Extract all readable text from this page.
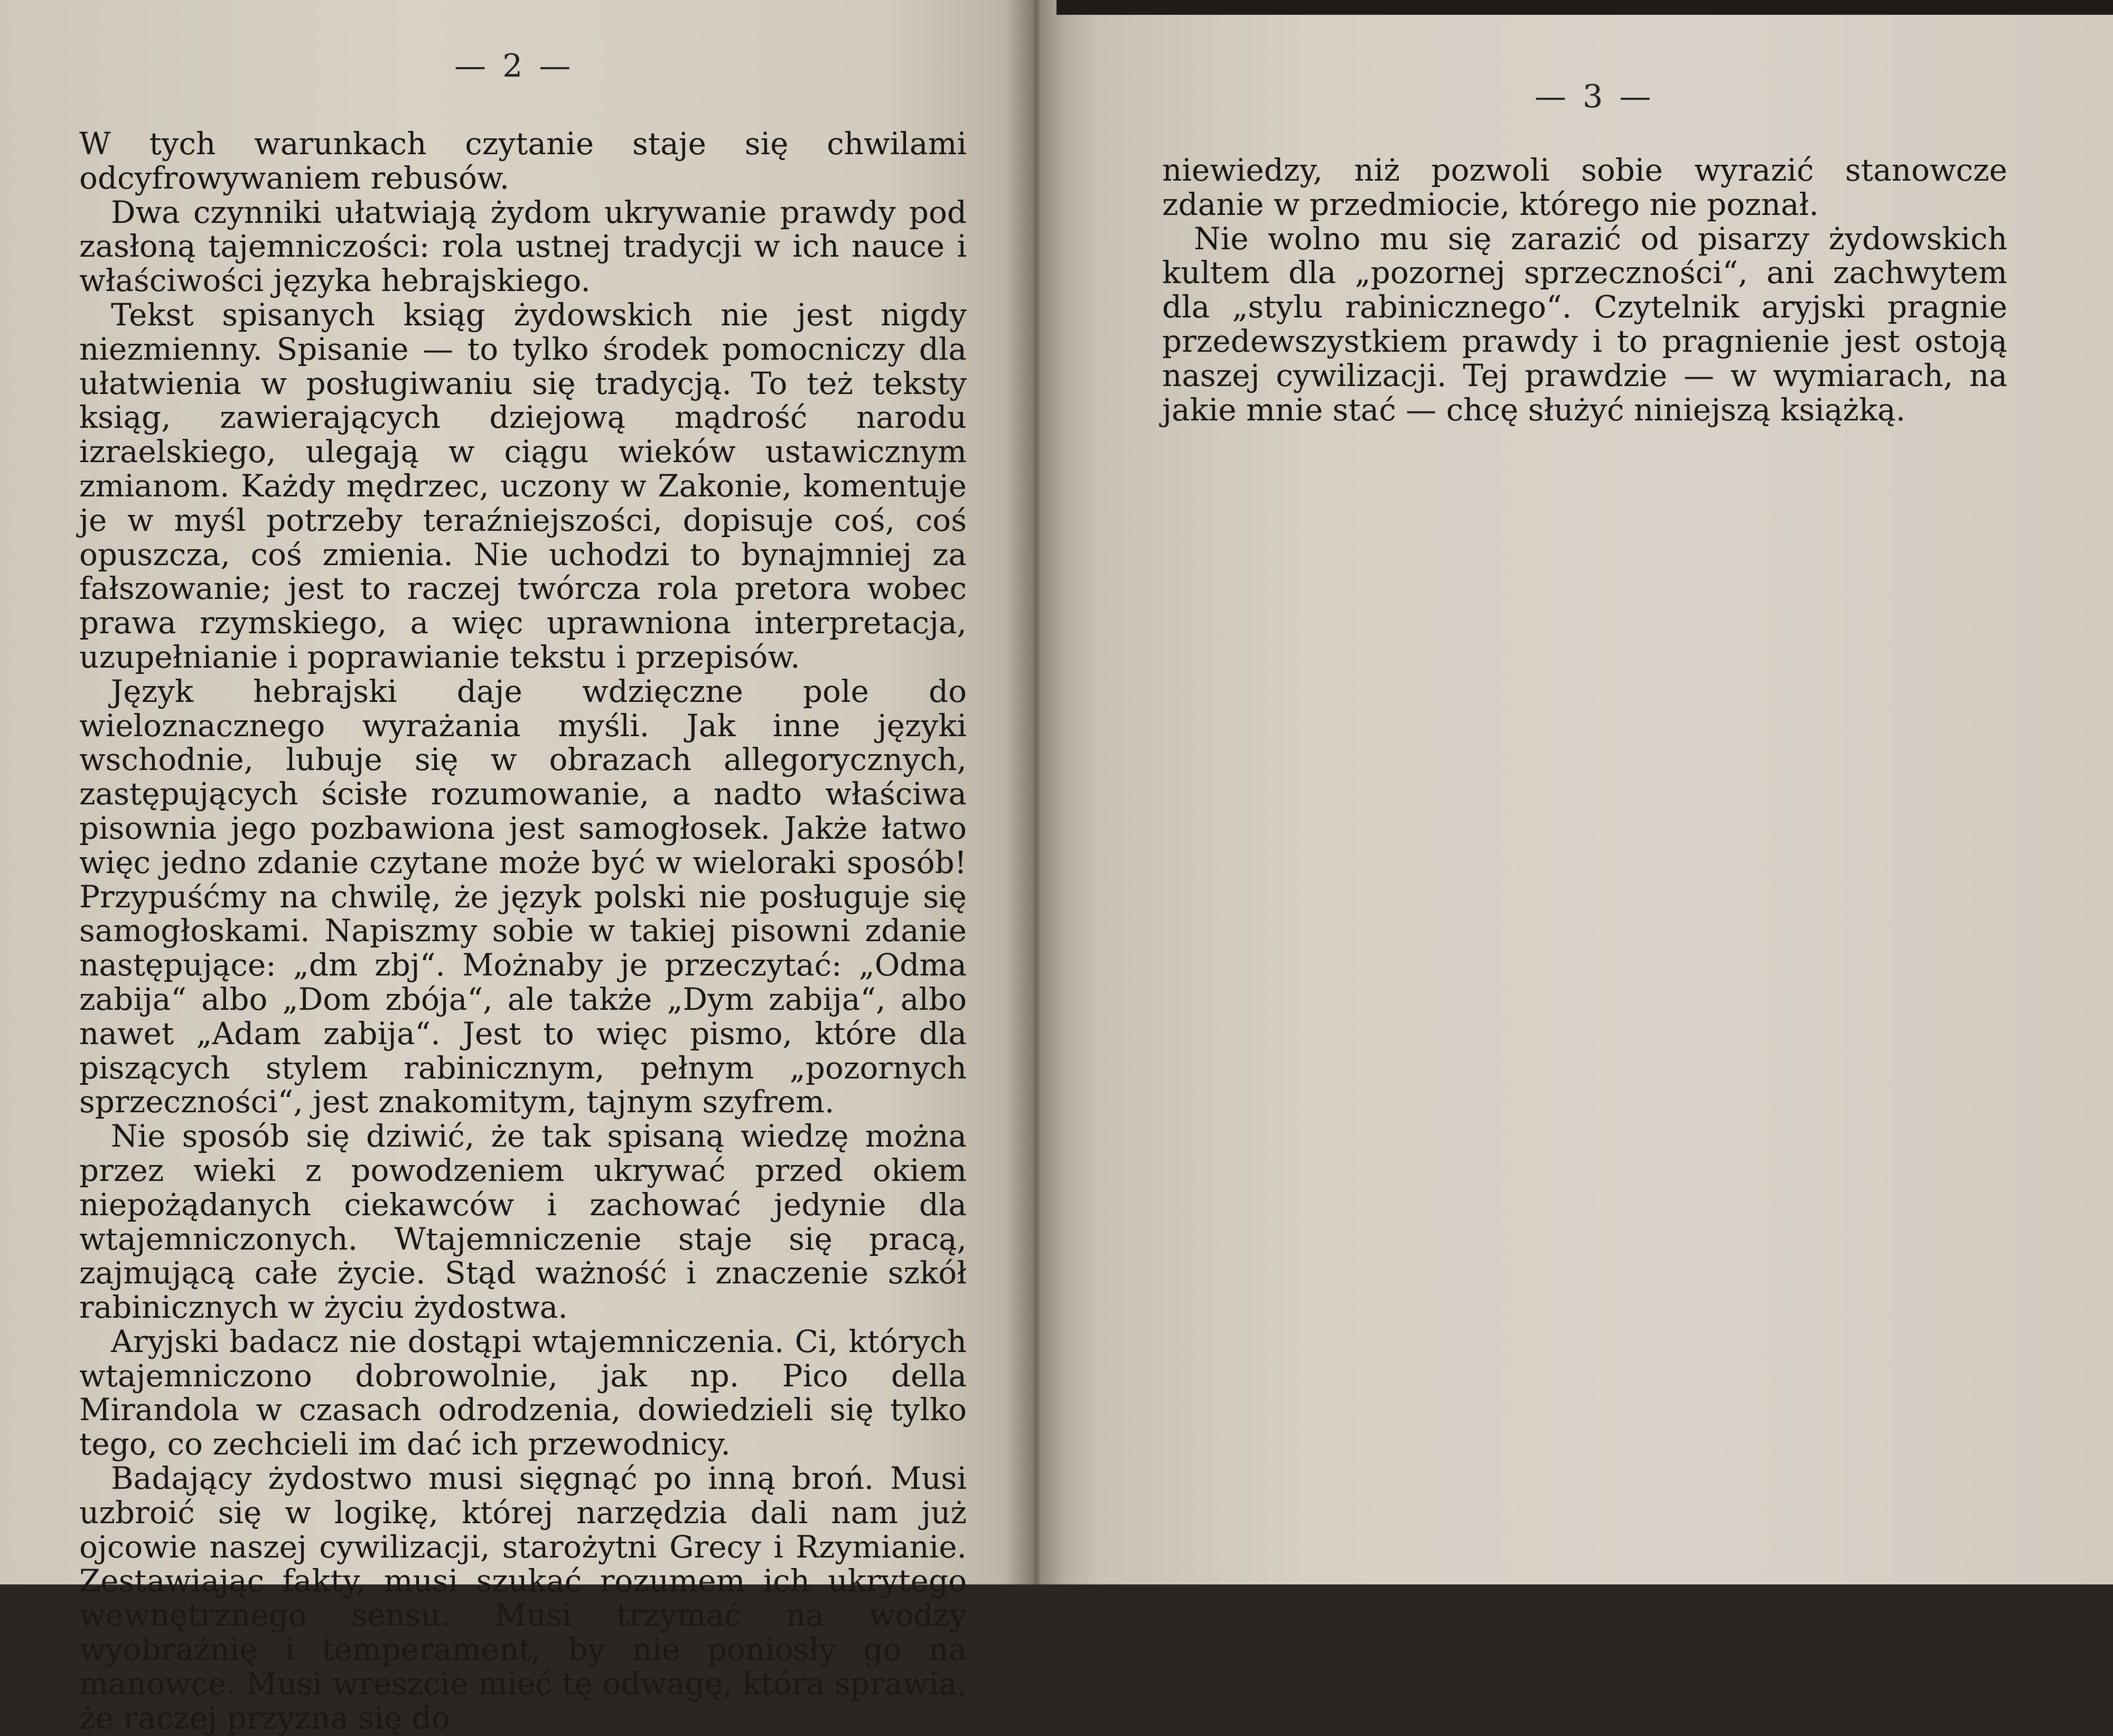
— 2 —

W tych warunkach czytanie staje się chwilami odcyfrowywaniem rebusów.

Dwa czynniki ułatwiają żydom ukrywanie prawdy pod zasłoną tajemniczości: rola ustnej tradycji w ich nauce i właściwości języka hebrajskiego.

Tekst spisanych ksiąg żydowskich nie jest nigdy niezmienny. Spisanie — to tylko środek pomocniczy dla ułatwienia w posługiwaniu się tradycją. To też teksty ksiąg, zawierających dziejową mądrość narodu izraelskiego, ulegają w ciągu wieków ustawicznym zmianom. Każdy mędrzec, uczony w Zakonie, komentuje je w myśl potrzeby teraźniejszości, dopisuje coś, coś opuszcza, coś zmienia. Nie uchodzi to bynajmniej za fałszowanie; jest to raczej twórcza rola pretora wobec prawa rzymskiego, a więc uprawniona interpretacja, uzupełnianie i poprawianie tekstu i przepisów.

Język hebrajski daje wdzięczne pole do wieloznacznego wyrażania myśli. Jak inne języki wschodnie, lubuje się w obrazach allegorycznych, zastępujących ścisłe rozumowanie, a nadto właściwa pisownia jego pozbawiona jest samogłosek. Jakże łatwo więc jedno zdanie czytane może być w wieloraki sposób! Przypuśćmy na chwilę, że język polski nie posługuje się samogłoskami. Napiszmy sobie w takiej pisowni zdanie następujące: „dm zbj“. Możnaby je przeczytać: „Odma zabija“ albo „Dom zbója“, ale także „Dym zabija“, albo nawet „Adam zabija“. Jest to więc pismo, które dla piszących stylem rabinicznym, pełnym „pozornych sprzeczności“, jest znakomitym, tajnym szyfrem.

Nie sposób się dziwić, że tak spisaną wiedzę można przez wieki z powodzeniem ukrywać przed okiem niepożądanych ciekawców i zachować jedynie dla wtajemniczonych. Wtajemniczenie staje się pracą, zajmującą całe życie. Stąd ważność i znaczenie szkół rabinicznych w życiu żydostwa.

Aryjski badacz nie dostąpi wtajemniczenia. Ci, których wtajemniczono dobrowolnie, jak np. Pico della Mirandola w czasach odrodzenia, dowiedzieli się tylko tego, co zechcieli im dać ich przewodnicy.

Badający żydostwo musi sięgnąć po inną broń. Musi uzbroić się w logikę, której narzędzia dali nam już ojcowie naszej cywilizacji, starożytni Grecy i Rzymianie. Zestawiając fakty, musi szukać rozumem ich ukrytego wewnętrznego sensu. Musi trzymać na wodzy wyobraźnię i temperament, by nie poniosły go na manowce. Musi wreszcie mieć tę odwagę, która sprawia, że raczej przyzna się do

— 3 —

niewiedzy, niż pozwoli sobie wyrazić stanowcze zdanie w przedmiocie, którego nie poznał.

Nie wolno mu się zarazić od pisarzy żydowskich kultem dla „pozornej sprzeczności“, ani zachwytem dla „stylu rabinicznego“. Czytelnik aryjski pragnie przedewszystkiem prawdy i to pragnienie jest ostoją naszej cywilizacji. Tej prawdzie — w wymiarach, na jakie mnie stać — chcę służyć niniejszą książką.
